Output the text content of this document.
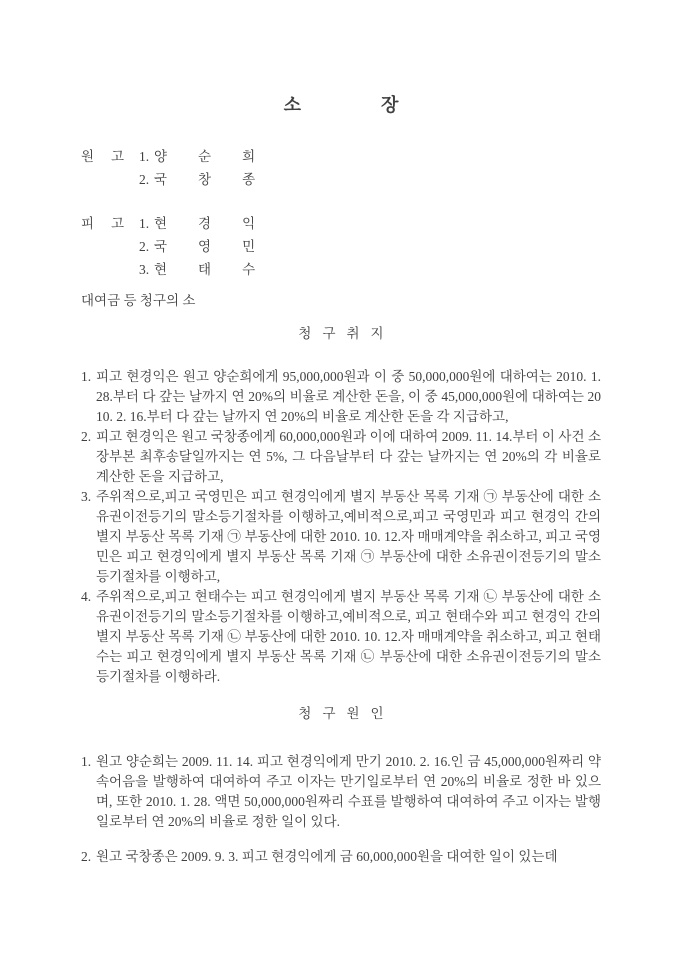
소장
원고
1. 양순희
2. 국창종
피고
1. 현경익
2. 국영민
3. 현태수
대여금 등 청구의 소
청구취지
1. 피고 현경익은 원고 양순희에게 95,000,000원과 이 중 50,000,000원에 대하여는 2010. 1. 28.부터 다 갚는 날까지 연 20%의 비율로 계산한 돈을, 이 중 45,000,000원에 대하여는 2010. 2. 16.부터 다 갚는 날까지 연 20%의 비율로 계산한 돈을 각 지급하고,
2. 피고 현경익은 원고 국창종에게 60,000,000원과 이에 대하여 2009. 11. 14.부터 이 사건 소장부본 최후송달일까지는 연 5%, 그 다음날부터 다 갚는 날까지는 연 20%의 각 비율로 계산한 돈을 지급하고,
3. 주위적으로,피고 국영민은 피고 현경익에게 별지 부동산 목록 기재 ㉠ 부동산에 대한 소유권이전등기의 말소등기절차를 이행하고,예비적으로,피고 국영민과 피고 현경익 간의 별지 부동산 목록 기재 ㉠ 부동산에 대한 2010. 10. 12.자 매매계약을 취소하고, 피고 국영민은 피고 현경익에게 별지 부동산 목록 기재 ㉠ 부동산에 대한 소유권이전등기의 말소등기절차를 이행하고,
4. 주위적으로,피고 현태수는 피고 현경익에게 별지 부동산 목록 기재 ㉡ 부동산에 대한 소유권이전등기의 말소등기절차를 이행하고,예비적으로, 피고 현태수와 피고 현경익 간의 별지 부동산 목록 기재 ㉡ 부동산에 대한 2010. 10. 12.자 매매계약을 취소하고, 피고 현태수는 피고 현경익에게 별지 부동산 목록 기재 ㉡ 부동산에 대한 소유권이전등기의 말소등기절차를 이행하라.
청구원인
1. 원고 양순희는 2009. 11. 14. 피고 현경익에게 만기 2010. 2. 16.인 금 45,000,000원짜리 약속어음을 발행하여 대여하여 주고 이자는 만기일로부터 연 20%의 비율로 정한 바 있으며, 또한 2010. 1. 28. 액면 50,000,000원짜리 수표를 발행하여 대여하여 주고 이자는 발행일로부터 연 20%의 비율로 정한 일이 있다.
2. 원고 국창종은 2009. 9. 3. 피고 현경익에게 금 60,000,000원을 대여한 일이 있는데
